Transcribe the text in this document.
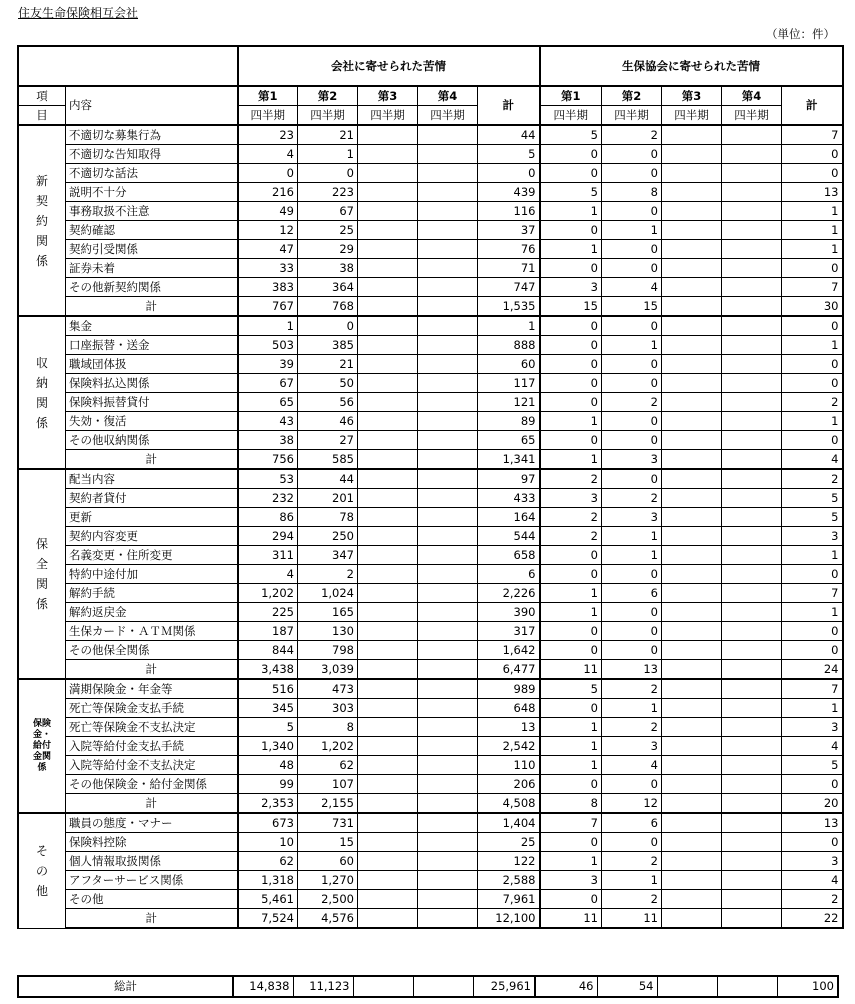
住友生命保険相互会社
（単位：件）
		会社に寄せられた苦情					生保協会に寄せられた苦情				
項	内容	第1	第2	第3	第4	計	第1	第2	第3	第4	計
目		四半期	四半期	四半期	四半期		四半期	四半期	四半期	四半期	
新契約関係	不適切な募集行為	23	21			44	5	2			7
	不適切な告知取得	4	1			5	0	0			0
	不適切な話法	0	0			0	0	0			0
	説明不十分	216	223			439	5	8			13
	事務取扱不注意	49	67			116	1	0			1
	契約確認	12	25			37	0	1			1
	契約引受関係	47	29			76	1	0			1
	証券未着	33	38			71	0	0			0
	その他新契約関係	383	364			747	3	4			7
	計	767	768			1,535	15	15			30
収納関係	集金	1	0			1	0	0			0
	口座振替・送金	503	385			888	0	1			1
	職域団体扱	39	21			60	0	0			0
	保険料払込関係	67	50			117	0	0			0
	保険料振替貸付	65	56			121	0	2			2
	失効・復活	43	46			89	1	0			1
	その他収納関係	38	27			65	0	0			0
	計	756	585			1,341	1	3			4
保全関係	配当内容	53	44			97	2	0			2
	契約者貸付	232	201			433	3	2			5
	更新	86	78			164	2	3			5
	契約内容変更	294	250			544	2	1			3
	名義変更・住所変更	311	347			658	0	1			1
	特約中途付加	4	2			6	0	0			0
	解約手続	1,202	1,024			2,226	1	6			7
	解約返戻金	225	165			390	1	0			1
	生保カード・ＡＴＭ関係	187	130			317	0	0			0
	その他保全関係	844	798			1,642	0	0			0
	計	3,438	3,039			6,477	11	13			24
保険金・給付金関係	満期保険金・年金等	516	473			989	5	2			7
	死亡等保険金支払手続	345	303			648	0	1			1
	死亡等保険金不支払決定	5	8			13	1	2			3
	入院等給付金支払手続	1,340	1,202			2,542	1	3			4
	入院等給付金不支払決定	48	62			110	1	4			5
	その他保険金・給付金関係	99	107			206	0	0			0
	計	2,353	2,155			4,508	8	12			20
その他	職員の態度・マナー	673	731			1,404	7	6			13
	保険料控除	10	15			25	0	0			0
	個人情報取扱関係	62	60			122	1	2			3
	アフターサービス関係	1,318	1,270			2,588	3	1			4
	その他	5,461	2,500			7,961	0	2			2
	計	7,524	4,576			12,100	11	11			22
総計	14,838	11,123			25,961	46	54			100
